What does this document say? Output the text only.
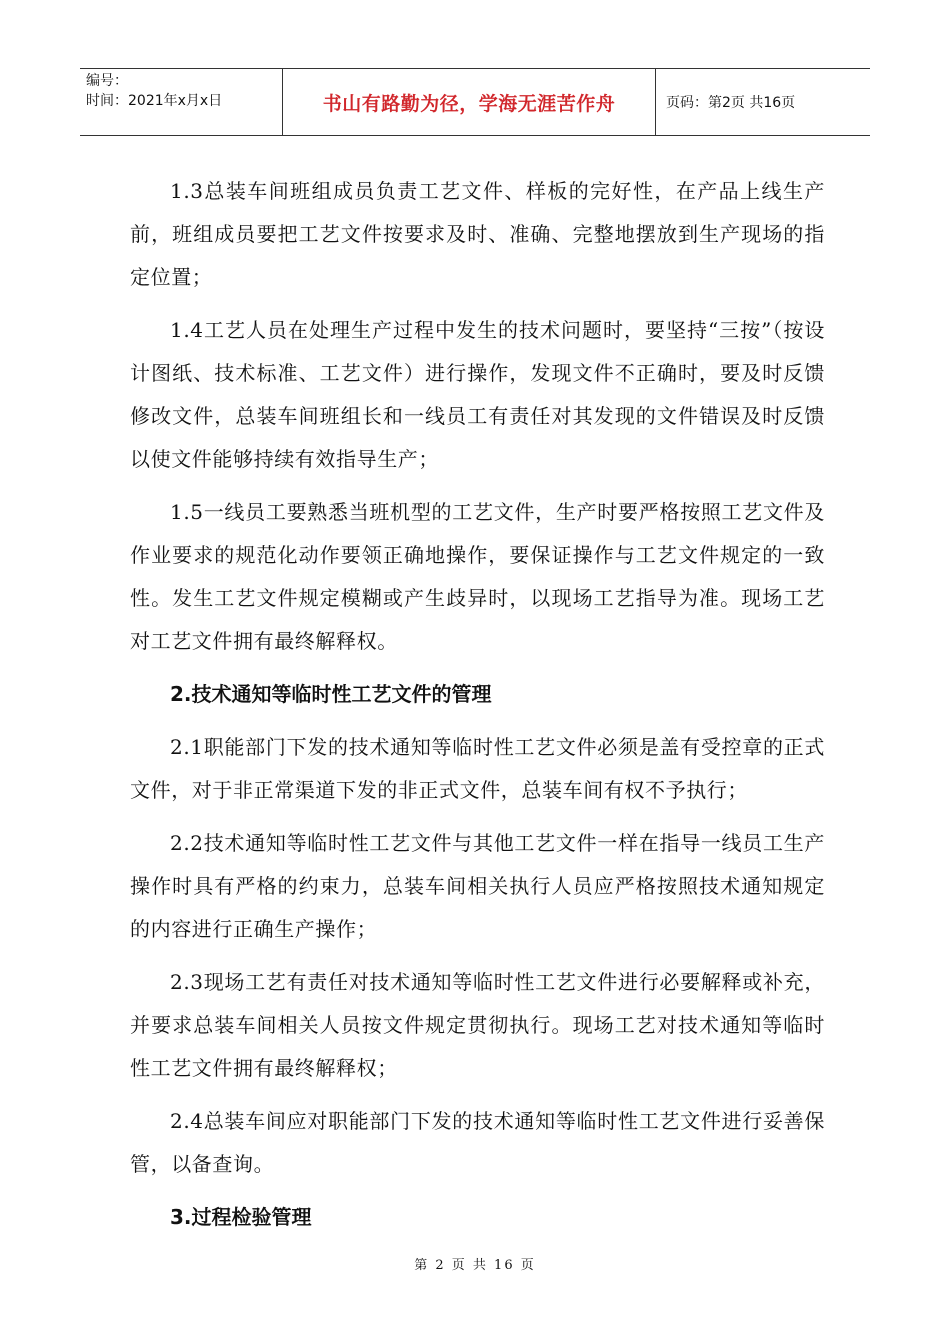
编号：
时间：2021年x月x日	书山有路勤为径，学海无涯苦作舟	页码：第2页 共16页

1.3总装车间班组成员负责工艺文件、样板的完好性，在产品上线生产前，班组成员要把工艺文件按要求及时、准确、完整地摆放到生产现场的指定位置；

1.4工艺人员在处理生产过程中发生的技术问题时，要坚持“三按”（按设计图纸、技术标准、工艺文件）进行操作，发现文件不正确时，要及时反馈修改文件，总装车间班组长和一线员工有责任对其发现的文件错误及时反馈以使文件能够持续有效指导生产；

1.5一线员工要熟悉当班机型的工艺文件，生产时要严格按照工艺文件及作业要求的规范化动作要领正确地操作，要保证操作与工艺文件规定的一致性。发生工艺文件规定模糊或产生歧异时，以现场工艺指导为准。现场工艺对工艺文件拥有最终解释权。

2.技术通知等临时性工艺文件的管理

2.1职能部门下发的技术通知等临时性工艺文件必须是盖有受控章的正式文件，对于非正常渠道下发的非正式文件，总装车间有权不予执行；

2.2技术通知等临时性工艺文件与其他工艺文件一样在指导一线员工生产操作时具有严格的约束力，总装车间相关执行人员应严格按照技术通知规定的内容进行正确生产操作；

2.3现场工艺有责任对技术通知等临时性工艺文件进行必要解释或补充，并要求总装车间相关人员按文件规定贯彻执行。现场工艺对技术通知等临时性工艺文件拥有最终解释权；

2.4总装车间应对职能部门下发的技术通知等临时性工艺文件进行妥善保管，以备查询。

3.过程检验管理

第 2 页 共 16 页
